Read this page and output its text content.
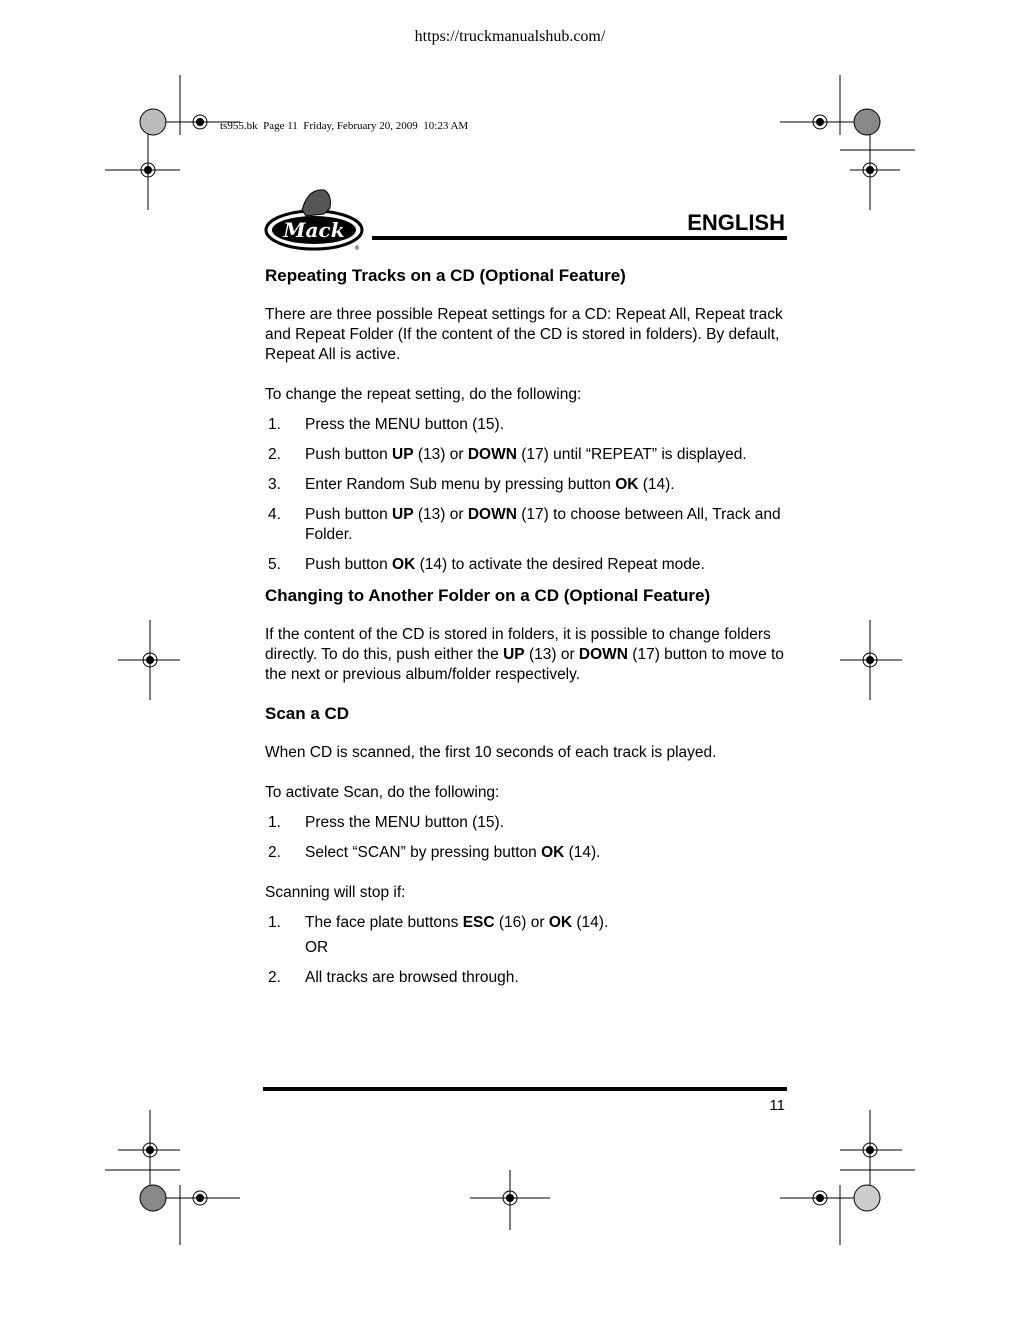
https://truckmanualshub.com/
ts955.bk  Page 11  Friday, February 20, 2009  10:23 AM
Mack
®
ENGLISH
Repeating Tracks on a CD (Optional Feature)

There are three possible Repeat settings for a CD: Repeat All, Repeat track and Repeat Folder (If the content of the CD is stored in folders). By default, Repeat All is active.

To change the repeat setting, do the following:

1.	Press the MENU button (15).
2.	Push button UP (13) or DOWN (17) until “REPEAT” is displayed.
3.	Enter Random Sub menu by pressing button OK (14).
4.	Push button UP (13) or DOWN (17) to choose between All, Track and Folder.
5.	Push button OK (14) to activate the desired Repeat mode.
Changing to Another Folder on a CD (Optional Feature)

If the content of the CD is stored in folders, it is possible to change folders directly. To do this, push either the UP (13) or DOWN (17) button to move to the next or previous album/folder respectively.

Scan a CD

When CD is scanned, the first 10 seconds of each track is played.

To activate Scan, do the following:

1.	Press the MENU button (15).
2.	Select “SCAN” by pressing button OK (14).

Scanning will stop if:

1.	The face plate buttons ESC (16) or OK (14).
OR
2.	All tracks are browsed through.
11
